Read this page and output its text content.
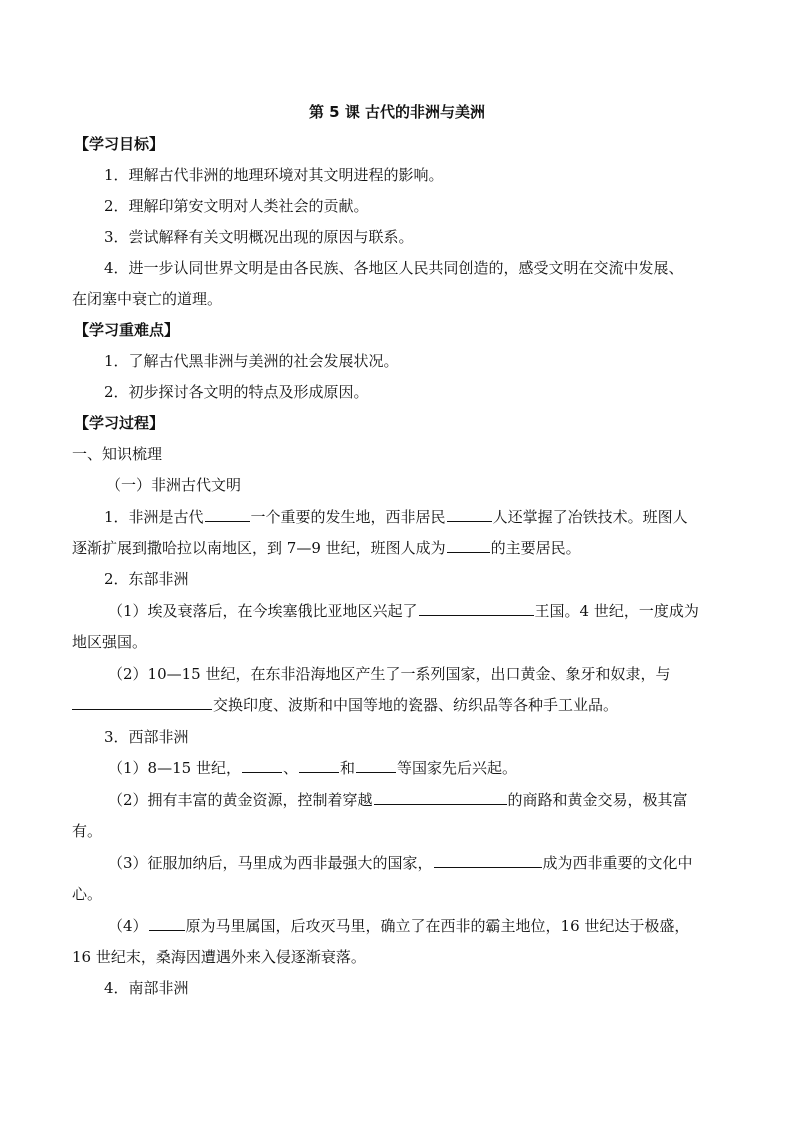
第 5 课 古代的非洲与美洲
【学习目标】
1．理解古代非洲的地理环境对其文明进程的影响。
2．理解印第安文明对人类社会的贡献。
3．尝试解释有关文明概况出现的原因与联系。
4．进一步认同世界文明是由各民族、各地区人民共同创造的，感受文明在交流中发展、
在闭塞中衰亡的道理。
【学习重难点】
1．了解古代黑非洲与美洲的社会发展状况。
2．初步探讨各文明的特点及形成原因。
【学习过程】
一、知识梳理
（一）非洲古代文明
1．非洲是古代	一个重要的发生地，西非居民	人还掌握了冶铁技术。班图人
逐渐扩展到撒哈拉以南地区，到 7—9 世纪，班图人成为	的主要居民。
2．东部非洲
（1）埃及衰落后，在今埃塞俄比亚地区兴起了	王国。4 世纪，一度成为
地区强国。
（2）10—15 世纪，在东非沿海地区产生了一系列国家，出口黄金、象牙和奴隶，与
交换印度、波斯和中国等地的瓷器、纺织品等各种手工业品。
3．西部非洲
（1）8—15 世纪，	、	和	等国家先后兴起。
（2）拥有丰富的黄金资源，控制着穿越	的商路和黄金交易，极其富
有。
（3）征服加纳后，马里成为西非最强大的国家，	成为西非重要的文化中
心。
（4）	原为马里属国，后攻灭马里，确立了在西非的霸主地位，16 世纪达于极盛，
16 世纪末，桑海因遭遇外来入侵逐渐衰落。
4．南部非洲
